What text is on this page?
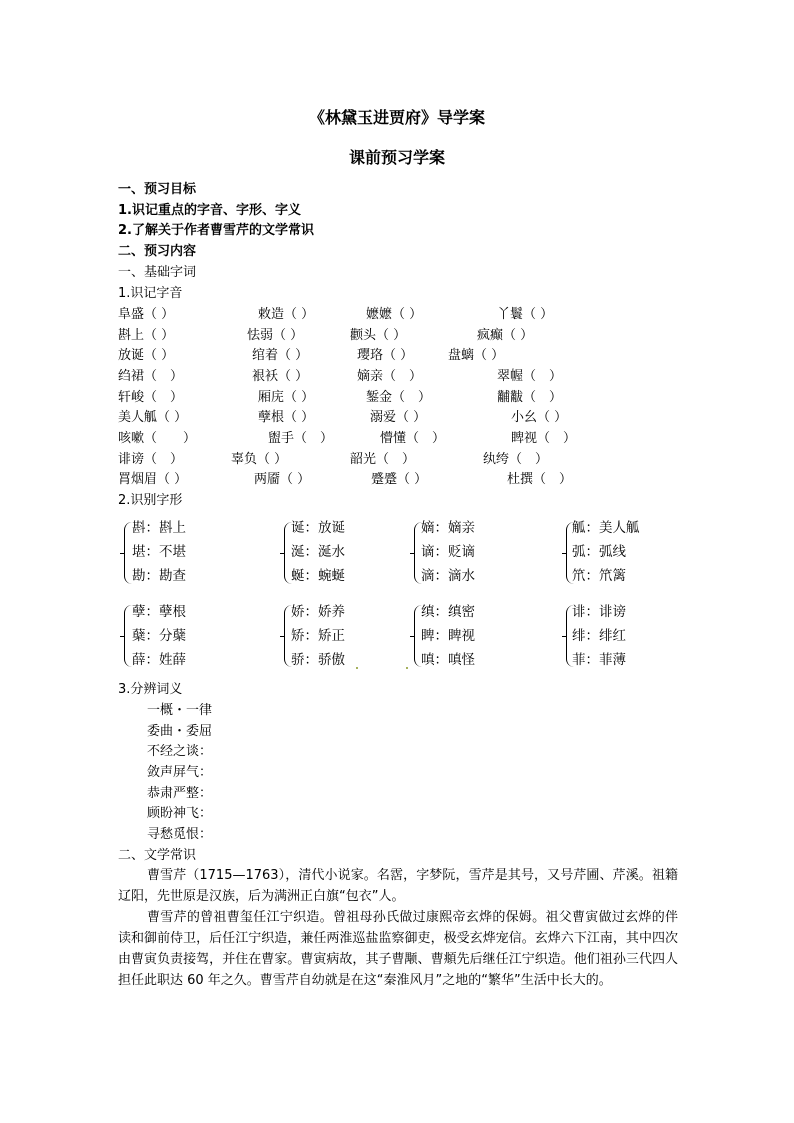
《林黛玉进贾府》导学案
课前预习学案
一、预习目标
1.识记重点的字音、字形、字义
2.了解关于作者曹雪芹的文学常识
二、预习内容
一、基础字词
1.识记字音
阜盛（ ）	敕造（ ）	嬷嬷（ ）	丫鬟（ ）
斟上（ ）	怯弱（ ）	颧头（ ）	疯癫（ ）
放诞（ ）	绾着（ ）	璎珞（ ）	盘螭（ ）
绉裙（　）	裉袄（ ）	嫡亲（　）	翠幄（　）
轩峻（　）	厢庑（ ）	錾金（　）	黼黻（　）
美人觚（ ）	孽根（ ）	溺爱（ ）	小幺（ ）
咳嗽（　　）	盥手（　）	懵懂（　）	睥视（　）
诽谤（　）	辜负（ ）	韶光（　）	纨绔（　）
罥烟眉（ ）	两靥（ ）	蹙蹙（ ）	杜撰（　）
2.识别字形
斟：斟上
堪：不堪
勘：勘查
诞：放诞
涎：涎水
蜒：蜿蜒
嫡：嫡亲
谪：贬谪
滴：滴水
觚：美人觚
弧：弧线
笊：笊篱
孽：孽根
蘖：分蘖
薛：姓薛
娇：娇养
矫：矫正
骄：骄傲
缜：缜密
睥：睥视
嗔：嗔怪
诽：诽谤
绯：绯红
菲：菲薄
3.分辨词义
一概・一律
委曲・委屈
不经之谈：
敛声屏气：
恭肃严整：
顾盼神飞：
寻愁觅恨：
二、文学常识
曹雪芹（1715—1763），清代小说家。名霑，字梦阮，雪芹是其号，又号芹圃、芹溪。祖籍辽阳，先世原是汉族，后为满洲正白旗“包衣”人。
曹雪芹的曾祖曹玺任江宁织造。曾祖母孙氏做过康熙帝玄烨的保姆。祖父曹寅做过玄烨的伴读和御前侍卫，后任江宁织造，兼任两淮巡盐监察御吏，极受玄烨宠信。玄烨六下江南，其中四次由曹寅负责接驾，并住在曹家。曹寅病故，其子曹颙、曹頫先后继任江宁织造。他们祖孙三代四人担任此职达 60 年之久。曹雪芹自幼就是在这“秦淮风月”之地的“繁华”生活中长大的。
